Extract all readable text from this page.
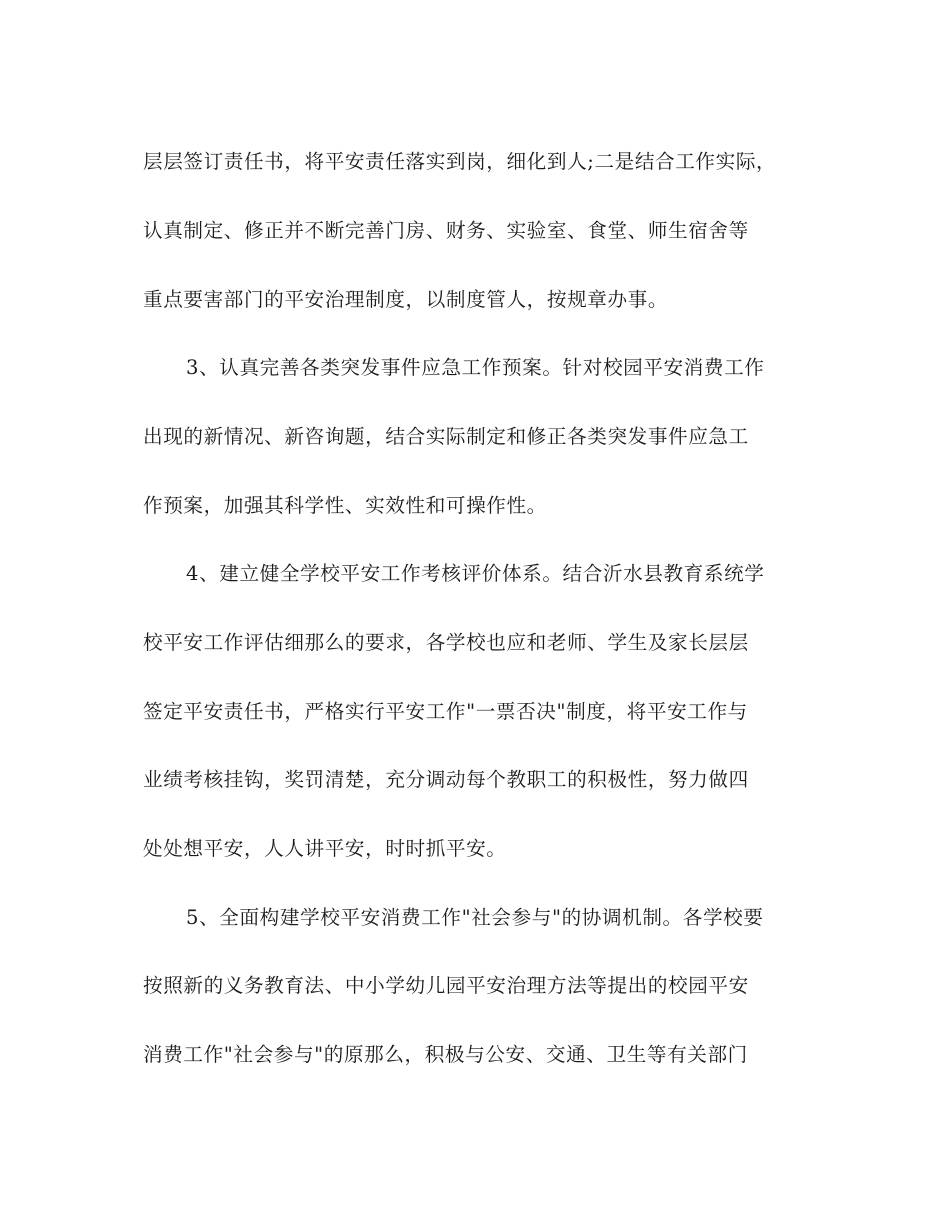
层层签订责任书，将平安责任落实到岗，细化到人;二是结合工作实际，

认真制定、修正并不断完善门房、财务、实验室、食堂、师生宿舍等

重点要害部门的平安治理制度，以制度管人，按规章办事。

3、认真完善各类突发事件应急工作预案。针对校园平安消费工作

出现的新情况、新咨询题，结合实际制定和修正各类突发事件应急工

作预案，加强其科学性、实效性和可操作性。

4、建立健全学校平安工作考核评价体系。结合沂水县教育系统学

校平安工作评估细那么的要求，各学校也应和老师、学生及家长层层

签定平安责任书，严格实行平安工作"一票否决"制度，将平安工作与

业绩考核挂钩，奖罚清楚，充分调动每个教职工的积极性，努力做四

处处想平安，人人讲平安，时时抓平安。

5、全面构建学校平安消费工作"社会参与"的协调机制。各学校要

按照新的义务教育法、中小学幼儿园平安治理方法等提出的校园平安

消费工作"社会参与"的原那么，积极与公安、交通、卫生等有关部门
